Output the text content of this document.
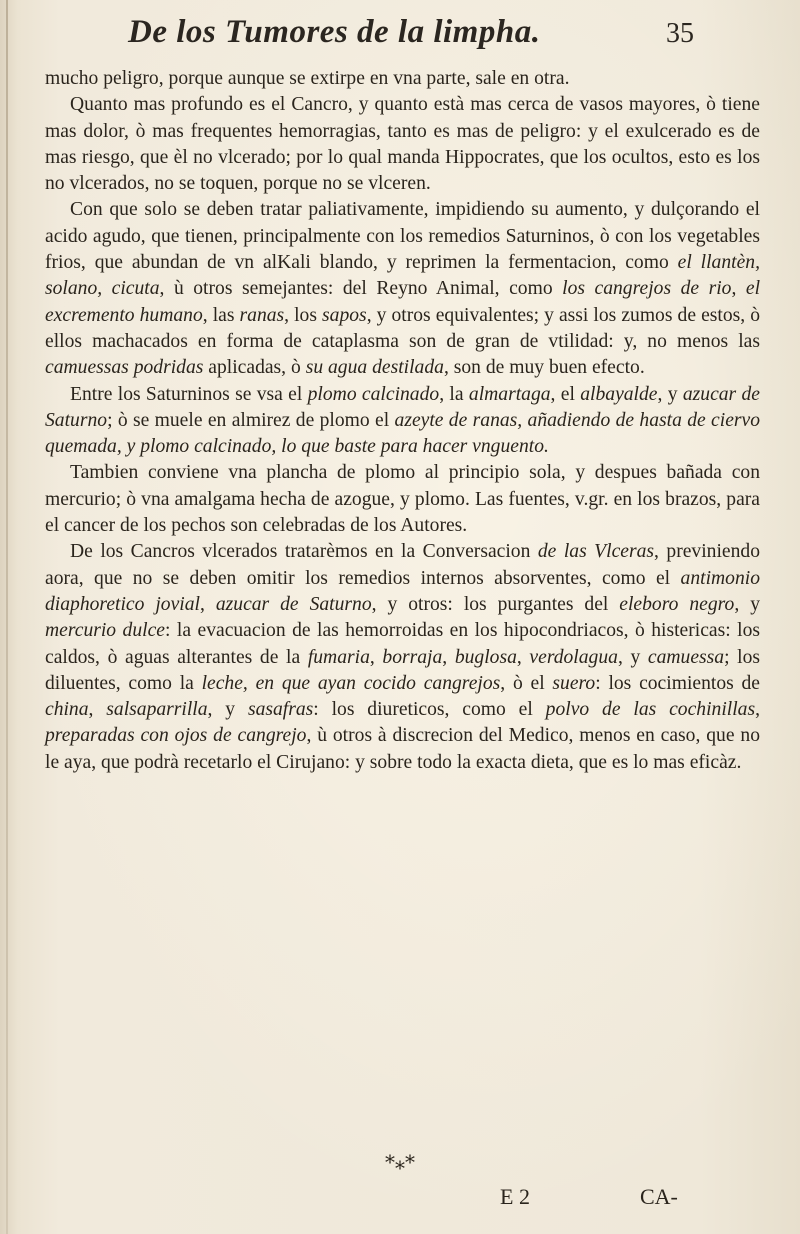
De los Tumores de la limpha.	35

mucho peligro, porque aunque se extirpe en vna parte, sale en otra.

Quanto mas profundo es el Cancro, y quanto està mas cerca de vasos mayores, ò tiene mas dolor, ò mas frequentes hemorragias, tanto es mas de peligro: y el exulcerado es de mas riesgo, que èl no vlcerado; por lo qual manda Hippocrates, que los ocultos, esto es los no vlcerados, no se toquen, porque no se vlceren.

Con que solo se deben tratar paliativamente, impidiendo su aumento, y dulçorando el acido agudo, que tienen, principalmente con los remedios Saturninos, ò con los vegetables frios, que abundan de vn alKali blando, y reprimen la fermentacion, como el llantèn, solano, cicuta, ù otros semejantes: del Reyno Animal, como los cangrejos de rio, el excremento humano, las ranas, los sapos, y otros equivalentes; y assi los zumos de estos, ò ellos machacados en forma de cataplasma son de gran de vtilidad: y, no menos las camuessas podridas aplicadas, ò su agua destilada, son de muy buen efecto.

Entre los Saturninos se vsa el plomo calcinado, la almartaga, el albayalde, y azucar de Saturno; ò se muele en almirez de plomo el azeyte de ranas, añadiendo de hasta de ciervo quemada, y plomo calcinado, lo que baste para hacer vnguento.

Tambien conviene vna plancha de plomo al principio sola, y despues bañada con mercurio; ò vna amalgama hecha de azogue, y plomo. Las fuentes, v.gr. en los brazos, para el cancer de los pechos son celebradas de los Autores.

De los Cancros vlcerados tratarèmos en la Conversacion de las Vlceras, previniendo aora, que no se deben omitir los remedios internos absorventes, como el antimonio diaphoretico jovial, azucar de Saturno, y otros: los purgantes del eleboro negro, y mercurio dulce: la evacuacion de las hemorroidas en los hipocondriacos, ò histericas: los caldos, ò aguas alterantes de la fumaria, borraja, buglosa, verdolagua, y camuessa; los diluentes, como la leche, en que ayan cocido cangrejos, ò el suero: los cocimientos de china, salsaparrilla, y sasafras: los diureticos, como el polvo de las cochinillas, preparadas con ojos de cangrejo, ù otros à discrecion del Medico, menos en caso, que no le aya, que podrà recetarlo el Cirujano: y sobre todo la exacta dieta, que es lo mas eficàz.

*⁎*
E 2	CA-
